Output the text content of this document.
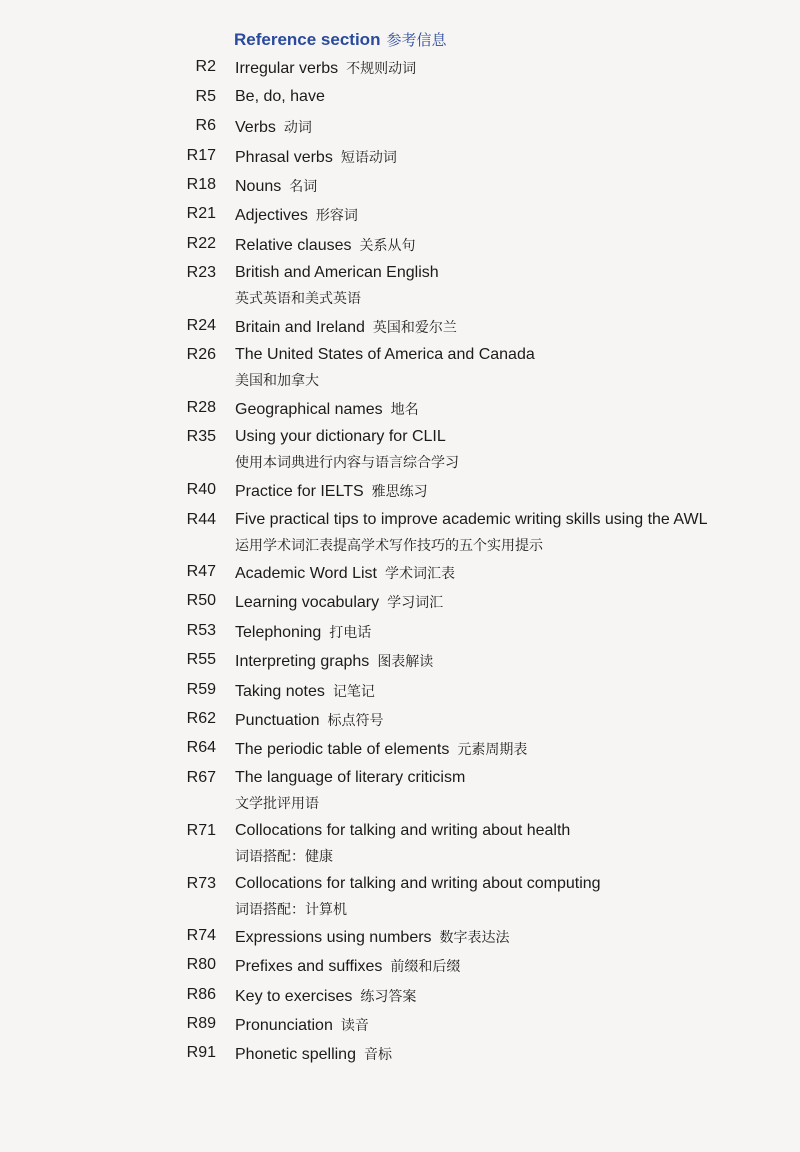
Reference section 参考信息
R2 Irregular verbs 不规则动词
R5 Be, do, have
R6 Verbs 动词
R17 Phrasal verbs 短语动词
R18 Nouns 名词
R21 Adjectives 形容词
R22 Relative clauses 关系从句
R23 British and American English
英式英语和美式英语
R24 Britain and Ireland 英国和爱尔兰
R26 The United States of America and Canada
美国和加拿大
R28 Geographical names 地名
R35 Using your dictionary for CLIL
使用本词典进行内容与语言综合学习
R40 Practice for IELTS 雅思练习
R44 Five practical tips to improve academic writing skills using the AWL
运用学术词汇表提高学术写作技巧的五个实用提示
R47 Academic Word List 学术词汇表
R50 Learning vocabulary 学习词汇
R53 Telephoning 打电话
R55 Interpreting graphs 图表解读
R59 Taking notes 记笔记
R62 Punctuation 标点符号
R64 The periodic table of elements 元素周期表
R67 The language of literary criticism
文学批评用语
R71 Collocations for talking and writing about health
词语搭配：健康
R73 Collocations for talking and writing about computing
词语搭配：计算机
R74 Expressions using numbers 数字表达法
R80 Prefixes and suffixes 前缀和后缀
R86 Key to exercises 练习答案
R89 Pronunciation 读音
R91 Phonetic spelling 音标
